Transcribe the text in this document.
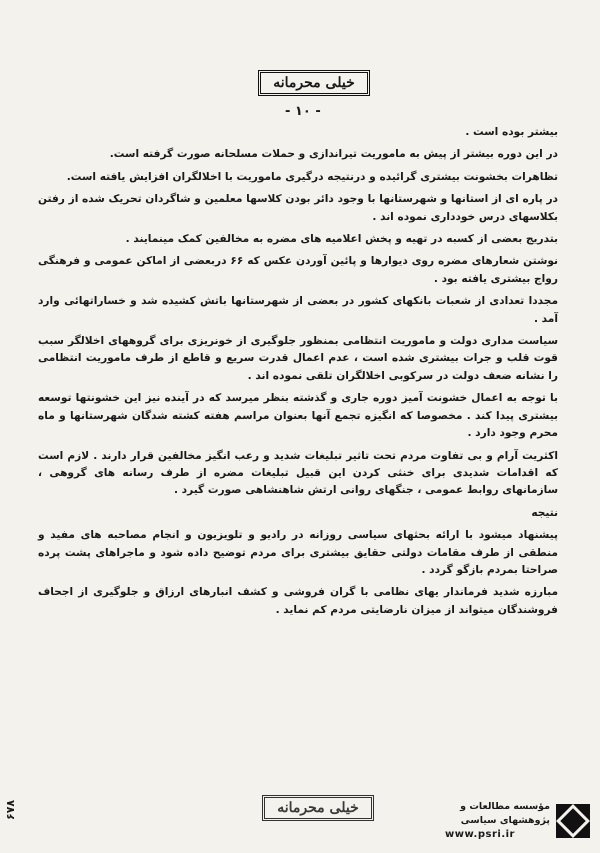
خیلی محرمانه
- ۱۰ -

بیشتر بوده است .

در این دوره بیشتر از پیش به ماموریت تیراندازی و حملات مسلحانه صورت گرفته است.

تظاهرات بخشونت بیشتری گرائیده و درنتیجه درگیری ماموریت با اخلالگران افزایش یافته است.

در پاره ای از استانها و شهرستانها با وجود دائر بودن کلاسها معلمین و شاگردان تحریک شده از رفتن بکلاسهای درس خودداری نموده اند .

بتدریج بعضی از کسبه در تهیه و پخش اعلامیه های مضره به مخالفین کمک مینمایند .

نوشتن شعارهای مضره روی دیوارها و پائین آوردن عکس که ۶۶ دربعضی از اماکن عمومی و فرهنگی رواج بیشتری یافته بود .

مجددا تعدادی از شعبات بانکهای کشور در بعضی از شهرستانها باتش کشیده شد و خساراتهائی وارد آمد .

سیاست مداری دولت و ماموریت انتظامی بمنظور جلوگیری از خونریزی برای گروههای اخلالگر سبب قوت قلب و جرات بیشتری شده است ، عدم اعمال قدرت سریع و قاطع از طرف ماموریت انتظامی را نشانه ضعف دولت در سرکوبی اخلالگران تلقی نموده اند .

با توجه به اعمال خشونت آمیز دوره جاری و گذشته بنظر میرسد که در آینده نیز این خشونتها توسعه بیشتری پیدا کند . مخصوصا که انگیزه تجمع آنها بعنوان مراسم هفته کشته شدگان شهرستانها و ماه محرم وجود دارد .

اکثریت آرام و بی تفاوت مردم تحت تاثیر تبلیغات شدید و رعب انگیز مخالفین قرار دارند . لازم است که اقدامات شدیدی برای خنثی کردن این قبیل تبلیغات مضره از طرف رسانه های گروهی ، سازمانهای روابط عمومی ، جنگهای روانی ارتش شاهنشاهی صورت گیرد .

نتیجه

پیشنهاد میشود با ارائه بحثهای سیاسی روزانه در رادیو و تلویزیون و انجام مصاحبه های مفید و منطقی از طرف مقامات دولتی حقایق بیشتری برای مردم توضیح داده شود و ماجراهای پشت پرده صراحتا بمردم بازگو گردد .

مبارزه شدید فرماندار یهای نظامی با گران فروشی و کشف انبارهای ارزاق و جلوگیری از اجحاف فروشندگان میتواند از میزان نارضایتی مردم کم نماید .

خیلی محرمانه
۶۷۸	مؤسسه مطالعات و پژوهشهای سیاسی
www.psri.ir
